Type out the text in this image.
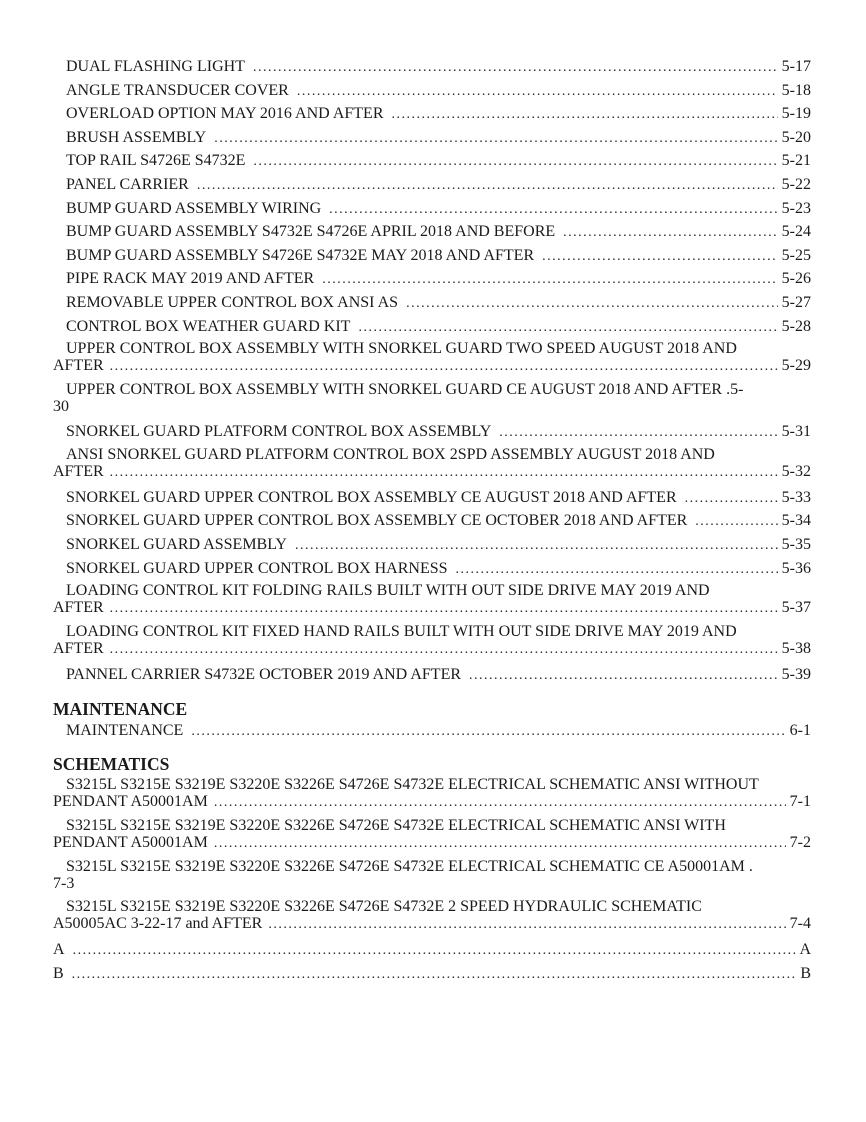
DUAL FLASHING LIGHT . . .	5-17
ANGLE TRANSDUCER COVER . . .	5-18
OVERLOAD OPTION MAY 2016 AND AFTER . . .	5-19
BRUSH ASSEMBLY . . .	5-20
TOP RAIL S4726E S4732E . . .	5-21
PANEL CARRIER . . .	5-22
BUMP GUARD ASSEMBLY WIRING . . .	5-23
BUMP GUARD ASSEMBLY S4732E S4726E APRIL 2018 AND BEFORE . . .	5-24
BUMP GUARD ASSEMBLY S4726E S4732E MAY 2018 AND AFTER . . .	5-25
PIPE RACK MAY 2019 AND AFTER . . .	5-26
REMOVABLE UPPER CONTROL BOX ANSI AS . . .	5-27
CONTROL BOX WEATHER GUARD KIT . . .	5-28
UPPER CONTROL BOX ASSEMBLY WITH SNORKEL GUARD TWO SPEED AUGUST 2018 AND
AFTER . . .	5-29
UPPER CONTROL BOX ASSEMBLY WITH SNORKEL GUARD CE AUGUST 2018 AND AFTER .5-
30
SNORKEL GUARD PLATFORM CONTROL BOX ASSEMBLY . . .	5-31
ANSI SNORKEL GUARD PLATFORM CONTROL BOX 2SPD ASSEMBLY AUGUST 2018 AND
AFTER . . .	5-32
SNORKEL GUARD UPPER CONTROL BOX ASSEMBLY CE AUGUST 2018 AND AFTER . . .	5-33
SNORKEL GUARD UPPER CONTROL BOX ASSEMBLY CE OCTOBER 2018 AND AFTER . . .	5-34
SNORKEL GUARD ASSEMBLY . . .	5-35
SNORKEL GUARD UPPER CONTROL BOX HARNESS . . .	5-36
LOADING CONTROL KIT FOLDING RAILS BUILT WITH OUT SIDE DRIVE MAY 2019 AND
AFTER . . .	5-37
LOADING CONTROL KIT FIXED HAND RAILS BUILT WITH OUT SIDE DRIVE MAY 2019 AND
AFTER . . .	5-38
PANNEL CARRIER S4732E OCTOBER 2019 AND AFTER . . .	5-39
MAINTENANCE
MAINTENANCE . . .	6-1
SCHEMATICS
S3215L S3215E S3219E S3220E S3226E S4726E S4732E ELECTRICAL SCHEMATIC ANSI WITHOUT
PENDANT A50001AM . . .	7-1
S3215L S3215E S3219E S3220E S3226E S4726E S4732E ELECTRICAL SCHEMATIC ANSI WITH
PENDANT A50001AM . . .	7-2
S3215L S3215E S3219E S3220E S3226E S4726E S4732E ELECTRICAL SCHEMATIC CE A50001AM .
7-3
S3215L S3215E S3219E S3220E S3226E S4726E S4732E 2 SPEED HYDRAULIC SCHEMATIC
A50005AC 3-22-17 and AFTER . . .	7-4
A . . .	A
B . . .	B
